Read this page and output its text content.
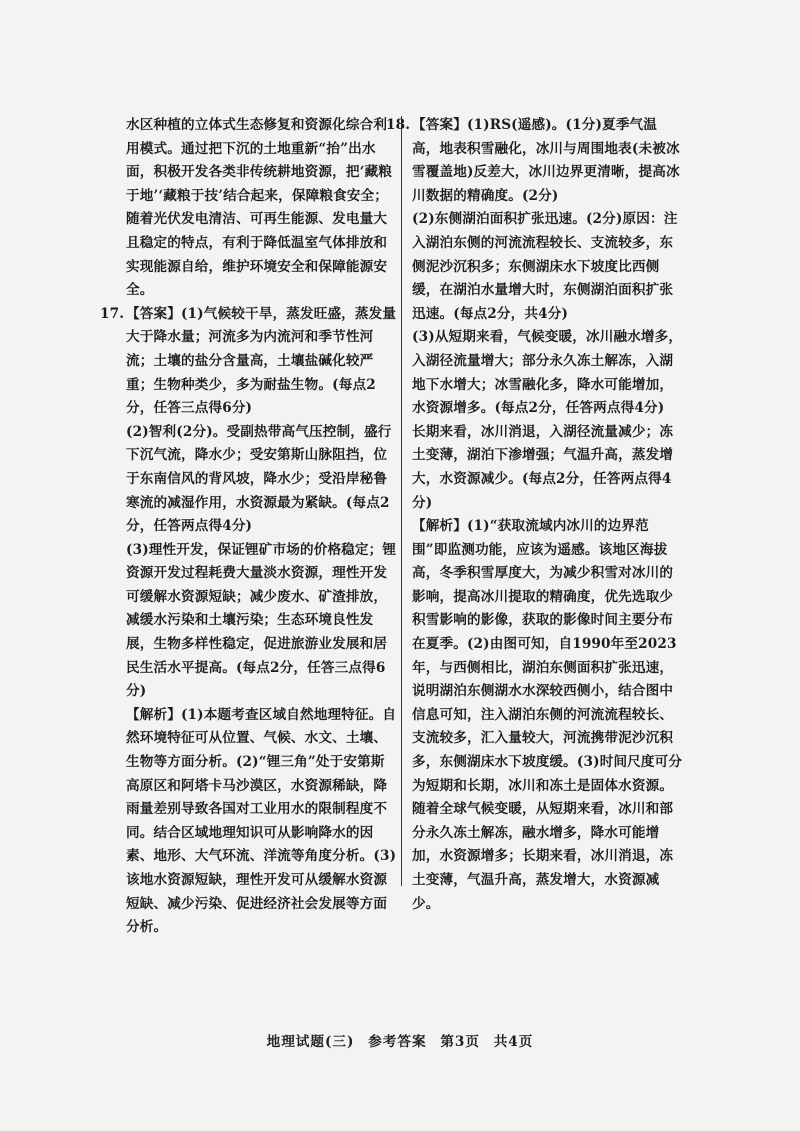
水区种植的立体式生态修复和资源化综合利用模式。通过把下沉的土地重新“抬”出水面，积极开发各类非传统耕地资源，把‘藏粮于地’‘藏粮于技’结合起来，保障粮食安全；随着光伏发电清洁、可再生能源、发电量大且稳定的特点，有利于降低温室气体排放和实现能源自给，维护环境安全和保障能源安全。

17. 【答案】(1)气候较干旱，蒸发旺盛，蒸发量大于降水量；河流多为内流河和季节性河流；土壤的盐分含量高，土壤盐碱化较严重；生物种类少，多为耐盐生物。(每点2分，任答三点得6分)

(2)智利(2分)。受副热带高气压控制，盛行下沉气流，降水少；受安第斯山脉阻挡，位于东南信风的背风坡，降水少；受沿岸秘鲁寒流的减湿作用，水资源最为紧缺。(每点2分，任答两点得4分)

(3)理性开发，保证锂矿市场的价格稳定；锂资源开发过程耗费大量淡水资源，理性开发可缓解水资源短缺；减少废水、矿渣排放，减缓水污染和土壤污染；生态环境良性发展，生物多样性稳定，促进旅游业发展和居民生活水平提高。(每点2分，任答三点得6分)

【解析】(1)本题考查区域自然地理特征。自然环境特征可从位置、气候、水文、土壤、生物等方面分析。(2)“锂三角”处于安第斯高原区和阿塔卡马沙漠区，水资源稀缺，降雨量差别导致各国对工业用水的限制程度不同。结合区域地理知识可从影响降水的因素、地形、大气环流、洋流等角度分析。(3)该地水资源短缺，理性开发可从缓解水资源短缺、减少污染、促进经济社会发展等方面分析。

18. 【答案】(1)RS(遥感)。(1分)夏季气温高，地表积雪融化，冰川与周围地表(未被冰雪覆盖地)反差大，冰川边界更清晰，提高冰川数据的精确度。(2分)

(2)东侧湖泊面积扩张迅速。(2分)原因：注入湖泊东侧的河流流程较长、支流较多，东侧泥沙沉积多；东侧湖床水下坡度比西侧缓，在湖泊水量增大时，东侧湖泊面积扩张迅速。(每点2分，共4分)

(3)从短期来看，气候变暖，冰川融水增多，入湖径流量增大；部分永久冻土解冻，入湖地下水增大；冰雪融化多，降水可能增加，水资源增多。(每点2分，任答两点得4分)

长期来看，冰川消退，入湖径流量减少；冻土变薄，湖泊下渗增强；气温升高，蒸发增大，水资源减少。(每点2分，任答两点得4分)

【解析】(1)“获取流域内冰川的边界范围”即监测功能，应该为遥感。该地区海拔高，冬季积雪厚度大，为减少积雪对冰川的影响，提高冰川提取的精确度，优先选取少积雪影响的影像，获取的影像时间主要分布在夏季。(2)由图可知，自1990年至2023年，与西侧相比，湖泊东侧面积扩张迅速，说明湖泊东侧湖水水深较西侧小，结合图中信息可知，注入湖泊东侧的河流流程较长、支流较多，汇入量较大，河流携带泥沙沉积多，东侧湖床水下坡度缓。(3)时间尺度可分为短期和长期，冰川和冻土是固体水资源。随着全球气候变暖，从短期来看，冰川和部分永久冻土解冻，融水增多，降水可能增加，水资源增多；长期来看，冰川消退，冻土变薄，气温升高，蒸发增大，水资源减少。

地理试题(三) 参考答案 第3页 共4页
